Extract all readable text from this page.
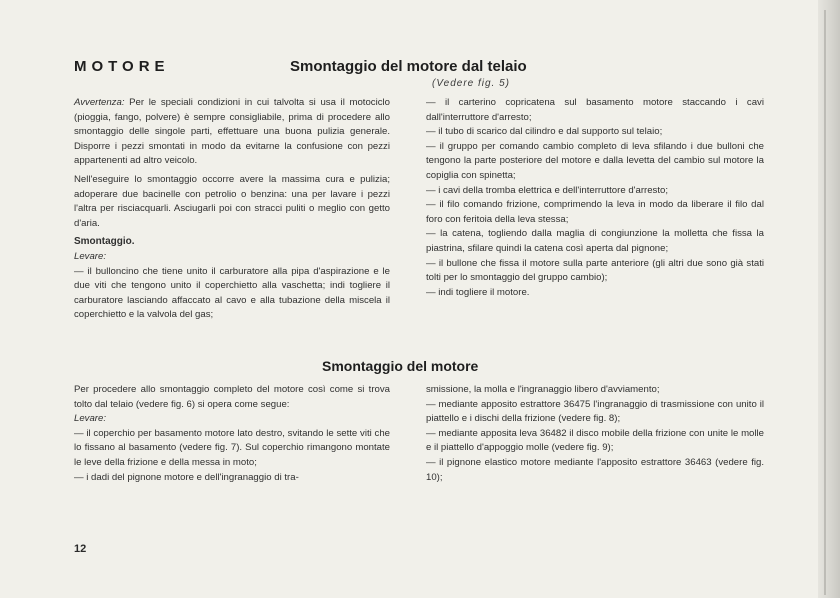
MOTORE	Smontaggio del motore dal telaio
(Vedere fig. 5)

Avvertenza: Per le speciali condizioni in cui talvolta si usa il motociclo (pioggia, fango, polvere) è sempre consigliabile, prima di procedere allo smontaggio delle singole parti, effettuare una buona pulizia generale. Disporre i pezzi smontati in modo da evitarne la confusione con pezzi appartenenti ad altro veicolo.

Nell'eseguire lo smontaggio occorre avere la massima cura e pulizia; adoperare due bacinelle con petrolio o benzina: una per lavare i pezzi l'altra per risciacquarli. Asciugarli poi con stracci puliti o meglio con getto d'aria.

Smontaggio.

Levare:

— il bulloncino che tiene unito il carburatore alla pipa d'aspirazione e le due viti che tengono unito il coperchietto alla vaschetta; indi togliere il carburatore lasciando affaccato al cavo e alla tubazione della miscela il coperchietto e la valvola del gas;

— il carterino copricatena sul basamento motore staccando i cavi dall'interruttore d'arresto;

— il tubo di scarico dal cilindro e dal supporto sul telaio;

— il gruppo per comando cambio completo di leva sfilando i due bulloni che tengono la parte posteriore del motore e dalla levetta del cambio sul motore la copiglia con spinetta;

— i cavi della tromba elettrica e dell'interruttore d'arresto;

— il filo comando frizione, comprimendo la leva in modo da liberare il filo dal foro con feritoia della leva stessa;

— la catena, togliendo dalla maglia di congiunzione la molletta che fissa la piastrina, sfilare quindi la catena così aperta dal pignone;

— il bullone che fissa il motore sulla parte anteriore (gli altri due sono già stati tolti per lo smontaggio del gruppo cambio);

— indi togliere il motore.

Smontaggio del motore

Per procedere allo smontaggio completo del motore così come si trova tolto dal telaio (vedere fig. 6) si opera come segue:

Levare:

— il coperchio per basamento motore lato destro, svitando le sette viti che lo fissano al basamento (vedere fig. 7). Sul coperchio rimangono montate le leve della frizione e della messa in moto;

— i dadi del pignone motore e dell'ingranaggio di tra-

smissione, la molla e l'ingranaggio libero d'avviamento;

— mediante apposito estrattore 36475 l'ingranaggio di trasmissione con unito il piattello e i dischi della frizione (vedere fig. 8);

— mediante apposita leva 36482 il disco mobile della frizione con unite le molle e il piattello d'appoggio molle (vedere fig. 9);

— il pignone elastico motore mediante l'apposito estrattore 36463 (vedere fig. 10);

12
